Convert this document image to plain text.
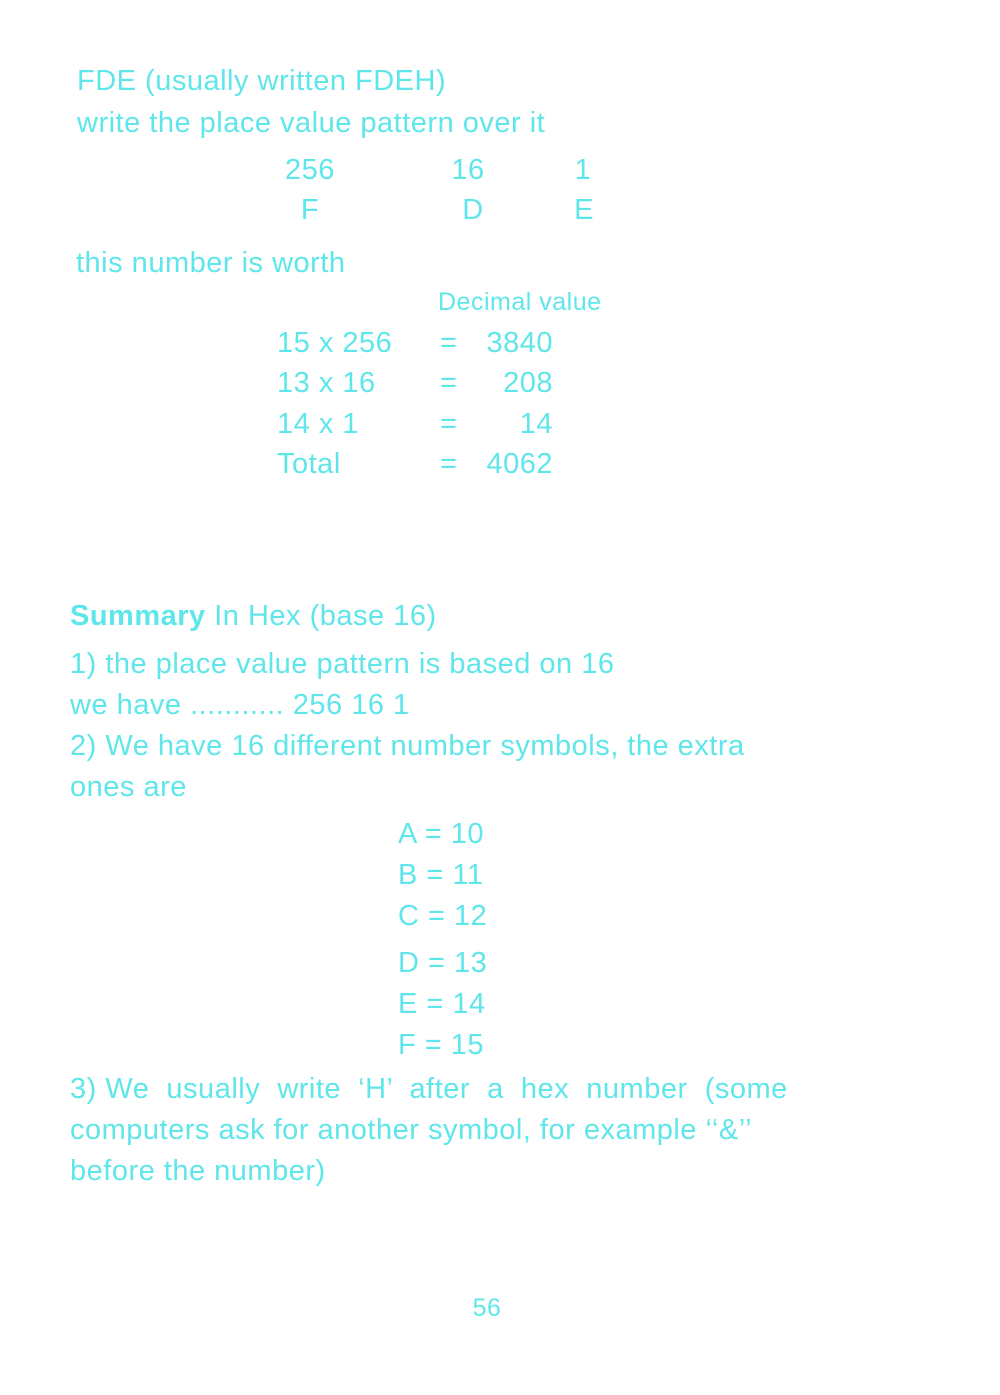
FDE (usually written FDEH)
write the place value pattern over it
256	16	1
F	D	E
this number is worth
Decimal value
15 x 256 =	3840
13 x 16 =	208
14 x 1	=	14
Total	=	4062
Summary In Hex (base 16)
1) the place value pattern is based on 16
we have ........... 256 16 1
2) We have 16 different number symbols, the extra
ones are
A = 10
B = 11
C = 12
D = 13
E = 14
F = 15
3) We  usually  write  ‘H’  after  a  hex  number  (some
computers ask for another symbol, for example ‘‘&’’
before the number)
56
